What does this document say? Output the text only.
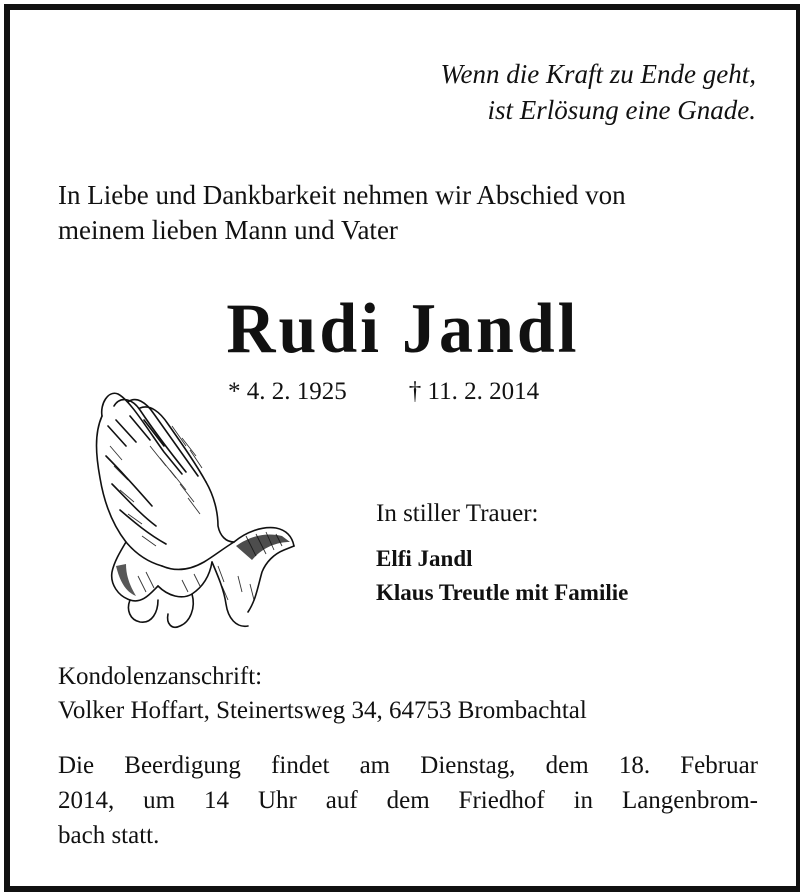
Wenn die Kraft zu Ende geht,
ist Erlösung eine Gnade.
In Liebe und Dankbarkeit nehmen wir Abschied von
meinem lieben Mann und Vater
Rudi Jandl
* 4. 2. 1925 † 11. 2. 2014
In stiller Trauer:
Elfi Jandl
Klaus Treutle mit Familie
Kondolenzanschrift:
Volker Hoffart, Steinertsweg 34, 64753 Brombachtal
Die Beerdigung findet am Dienstag, dem 18. Februar
2014, um 14 Uhr auf dem Friedhof in Langenbrom-
bach statt.
